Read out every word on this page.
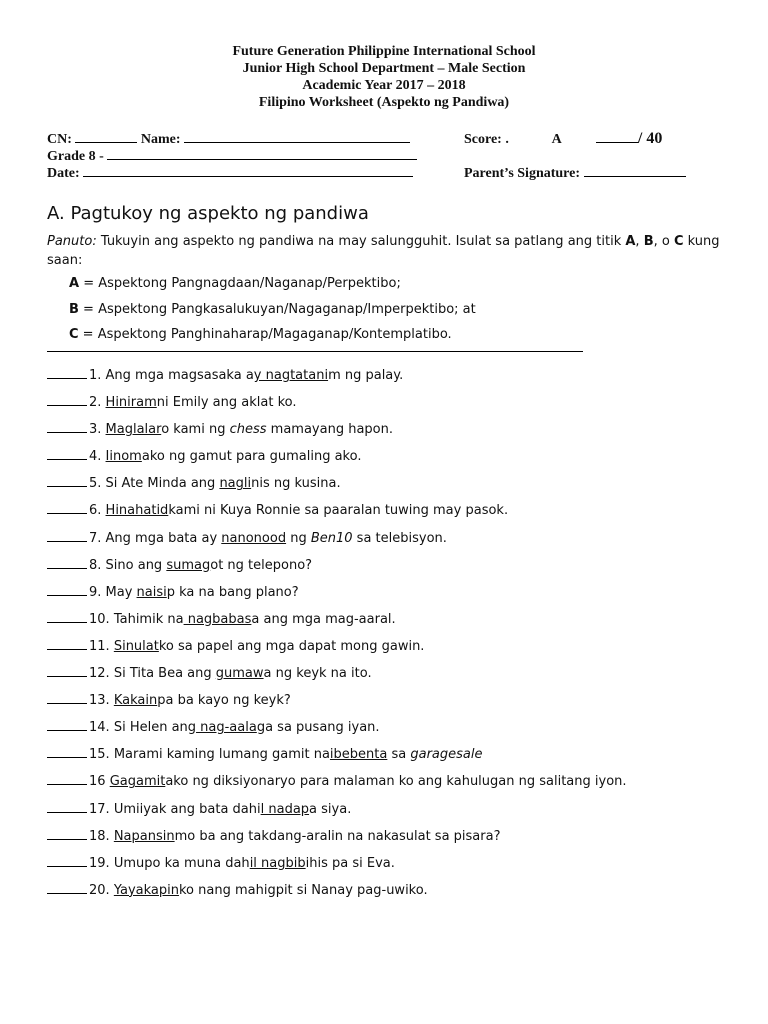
Future Generation Philippine International School
Junior High School Department – Male Section
Academic Year 2017 – 2018
Filipino Worksheet (Aspekto ng Pandiwa)
CN:	Name:
Grade 8 -
Date:
Score: .	A	/ 40
Parent’s Signature:
A. Pagtukoy ng aspekto ng pandiwa
Panuto: Tukuyin ang aspekto ng pandiwa na may salungguhit. Isulat sa patlang ang titik A, B, o C kung saan:
A = Aspektong Pangnagdaan/Naganap/Perpektibo;
B = Aspektong Pangkasalukuyan/Nagaganap/Imperpektibo; at
C = Aspektong Panghinaharap/Magaganap/Kontemplatibo.
1. Ang mga magsasaka ay nagtatanim ng palay.
2. Hiniramni Emily ang aklat ko.
3. Maglalaro kami ng chess mamayang hapon.
4. Iinomako ng gamut para gumaling ako.
5. Si Ate Minda ang naglinis ng kusina.
6. Hinahatidkami ni Kuya Ronnie sa paaralan tuwing may pasok.
7. Ang mga bata ay nanonood ng Ben10 sa telebisyon.
8. Sino ang sumagot ng telepono?
9. May naisip ka na bang plano?
10. Tahimik na nagbabasa ang mga mag-aaral.
11. Sinulatko sa papel ang mga dapat mong gawin.
12. Si Tita Bea ang gumawa ng keyk na ito.
13. Kakainpa ba kayo ng keyk?
14. Si Helen ang nag-aalaga sa pusang iyan.
15. Marami kaming lumang gamit naibebenta sa garagesale
16 Gagamitako ng diksiyonaryo para malaman ko ang kahulugan ng salitang iyon.
17. Umiiyak ang bata dahil nadapa siya.
18. Napansinmo ba ang takdang-aralin na nakasulat sa pisara?
19. Umupo ka muna dahil nagbibihis pa si Eva.
20. Yayakapinko nang mahigpit si Nanay pag-uwiko.
